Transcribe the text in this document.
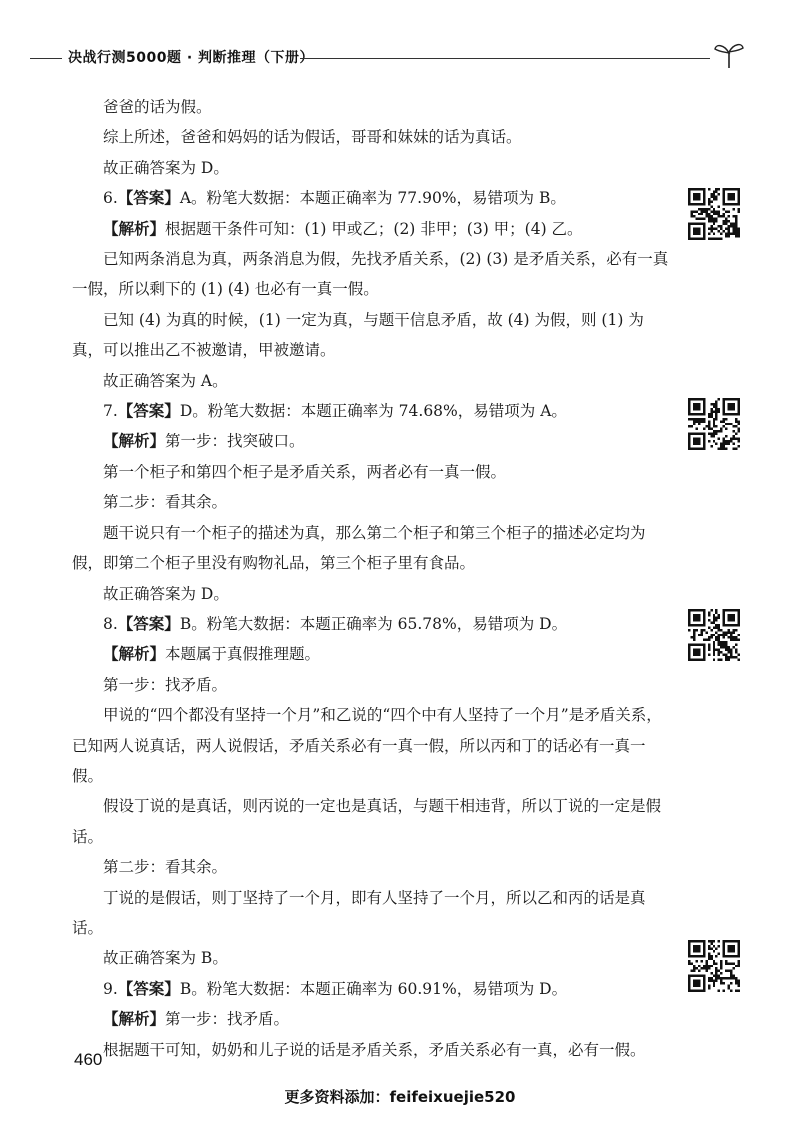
决战行测5000题 · 判断推理（下册）

爸爸的话为假。

综上所述，爸爸和妈妈的话为假话，哥哥和妹妹的话为真话。

故正确答案为 D。

6.【答案】A。粉笔大数据：本题正确率为 77.90%，易错项为 B。

【解析】根据题干条件可知：(1) 甲或乙；(2) 非甲；(3) 甲；(4) 乙。

已知两条消息为真，两条消息为假，先找矛盾关系，(2) (3) 是矛盾关系，必有一真一假，所以剩下的 (1) (4) 也必有一真一假。

已知 (4) 为真的时候，(1) 一定为真，与题干信息矛盾，故 (4) 为假，则 (1) 为真，可以推出乙不被邀请，甲被邀请。

故正确答案为 A。

7.【答案】D。粉笔大数据：本题正确率为 74.68%，易错项为 A。

【解析】第一步：找突破口。

第一个柜子和第四个柜子是矛盾关系，两者必有一真一假。

第二步：看其余。

题干说只有一个柜子的描述为真，那么第二个柜子和第三个柜子的描述必定均为假，即第二个柜子里没有购物礼品，第三个柜子里有食品。

故正确答案为 D。

8.【答案】B。粉笔大数据：本题正确率为 65.78%，易错项为 D。

【解析】本题属于真假推理题。

第一步：找矛盾。

甲说的“四个都没有坚持一个月”和乙说的“四个中有人坚持了一个月”是矛盾关系，已知两人说真话，两人说假话，矛盾关系必有一真一假，所以丙和丁的话必有一真一假。

假设丁说的是真话，则丙说的一定也是真话，与题干相违背，所以丁说的一定是假话。

第二步：看其余。

丁说的是假话，则丁坚持了一个月，即有人坚持了一个月，所以乙和丙的话是真话。

故正确答案为 B。

9.【答案】B。粉笔大数据：本题正确率为 60.91%，易错项为 D。

【解析】第一步：找矛盾。

根据题干可知，奶奶和儿子说的话是矛盾关系，矛盾关系必有一真，必有一假。

460
更多资料添加：feifeixuejie520
